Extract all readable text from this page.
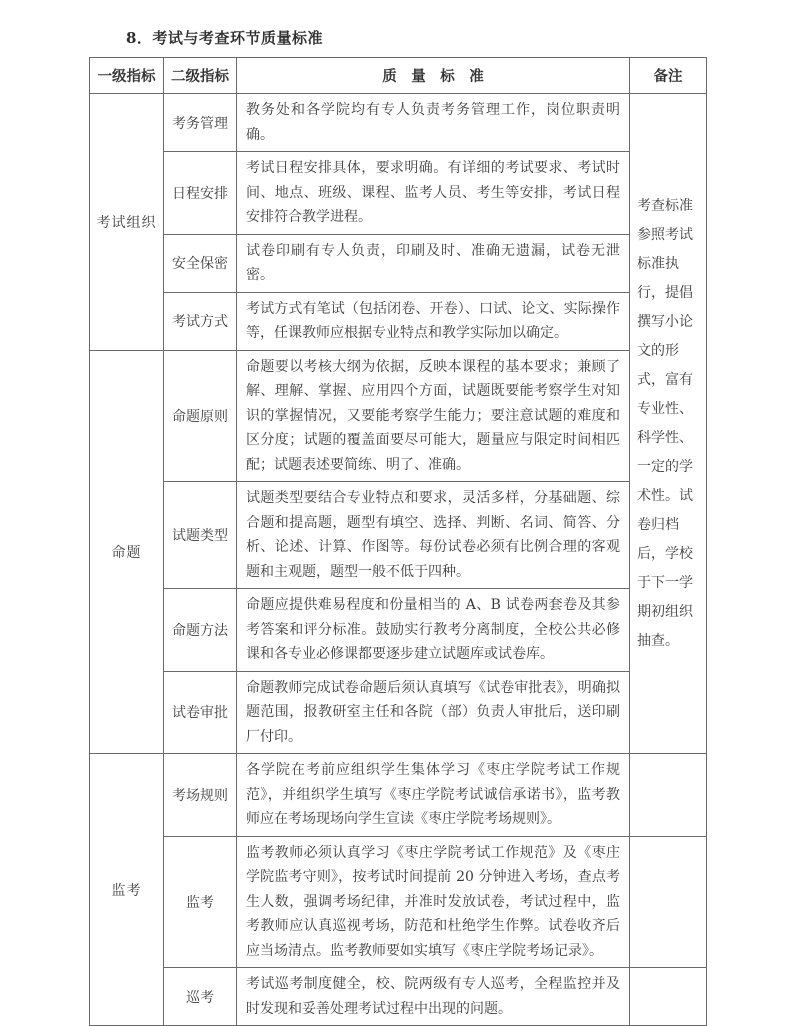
8．考试与考查环节质量标准
一级指标	二级指标	质　量　标　准	备注
考试组织	考务管理	教务处和各学院均有专人负责考务管理工作，岗位职责明确。	考查标准参照考试标准执行，提倡撰写小论文的形式，富有专业性、科学性、一定的学术性。试卷归档后，学校于下一学期初组织抽查。
	日程安排	考试日程安排具体，要求明确。有详细的考试要求、考试时间、地点、班级、课程、监考人员、考生等安排，考试日程安排符合教学进程。	
	安全保密	试卷印刷有专人负责，印刷及时、准确无遗漏，试卷无泄密。	
	考试方式	考试方式有笔试（包括闭卷、开卷）、口试、论文、实际操作等，任课教师应根据专业特点和教学实际加以确定。	
命题	命题原则	命题要以考核大纲为依据，反映本课程的基本要求；兼顾了解、理解、掌握、应用四个方面，试题既要能考察学生对知识的掌握情况，又要能考察学生能力；要注意试题的难度和区分度；试题的覆盖面要尽可能大，题量应与限定时间相匹配；试题表述要简练、明了、准确。	
	试题类型	试题类型要结合专业特点和要求，灵活多样，分基础题、综合题和提高题，题型有填空、选择、判断、名词、简答、分析、论述、计算、作图等。每份试卷必须有比例合理的客观题和主观题，题型一般不低于四种。	
	命题方法	命题应提供难易程度和份量相当的 A、B 试卷两套卷及其参考答案和评分标准。鼓励实行教考分离制度，全校公共必修课和各专业必修课都要逐步建立试题库或试卷库。	
	试卷审批	命题教师完成试卷命题后须认真填写《试卷审批表》，明确拟题范围，报教研室主任和各院（部）负责人审批后，送印刷厂付印。	
监考	考场规则	各学院在考前应组织学生集体学习《枣庄学院考试工作规范》，并组织学生填写《枣庄学院考试诚信承诺书》，监考教师应在考场现场向学生宣读《枣庄学院考场规则》。	
	监考	监考教师必须认真学习《枣庄学院考试工作规范》及《枣庄学院监考守则》，按考试时间提前 20 分钟进入考场，查点考生人数，强调考场纪律，并准时发放试卷，考试过程中，监考教师应认真巡视考场，防范和杜绝学生作弊。试卷收齐后应当场清点。监考教师要如实填写《枣庄学院考场记录》。	
	巡考	考试巡考制度健全，校、院两级有专人巡考，全程监控并及时发现和妥善处理考试过程中出现的问题。	
